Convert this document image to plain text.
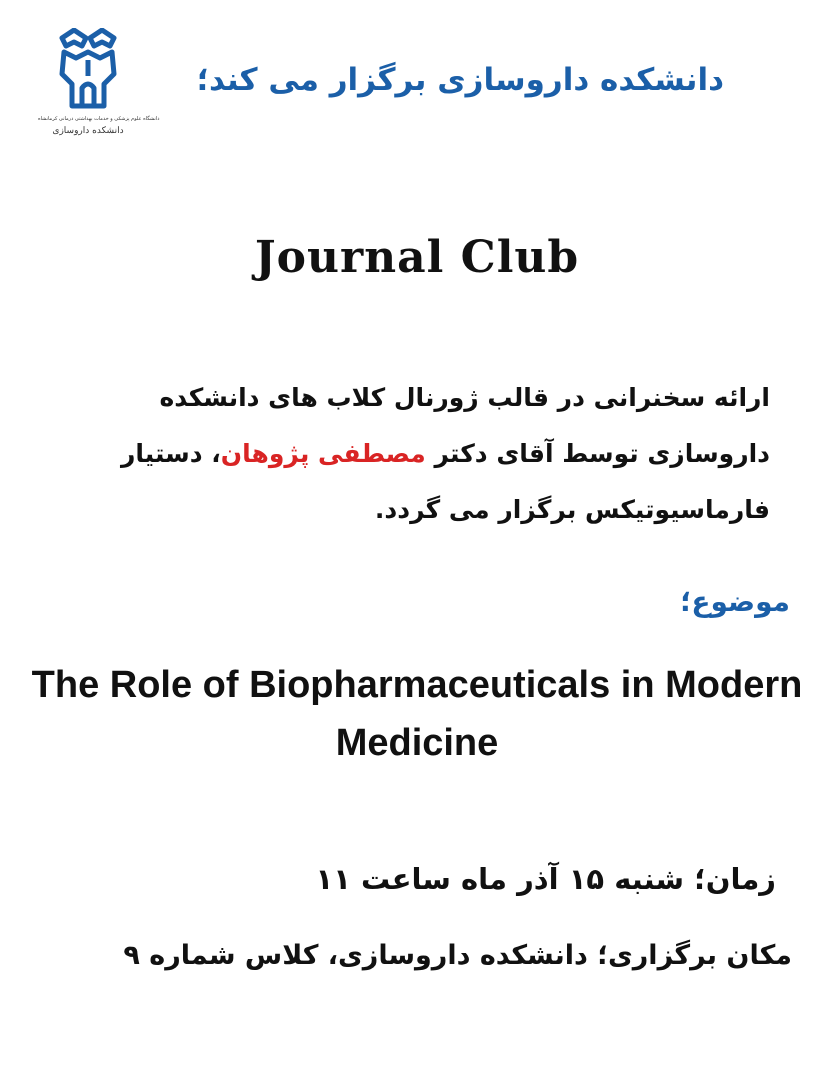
دانشگاه علوم پزشکی و خدمات بهداشتی درمانی کرمانشاه
دانشکده داروسازی
دانشکده داروسازی برگزار می کند؛
Journal Club
ارائه سخنرانی در قالب ژورنال کلاب های دانشکده داروسازی توسط آقای دکتر مصطفی پژوهان، دستیار فارماسیوتیکس برگزار می گردد.
موضوع؛
The Role of Biopharmaceuticals in Modern Medicine
زمان؛ شنبه ۱۵ آذر ماه ساعت ۱۱
مکان برگزاری؛ دانشکده داروسازی، کلاس شماره ۹
